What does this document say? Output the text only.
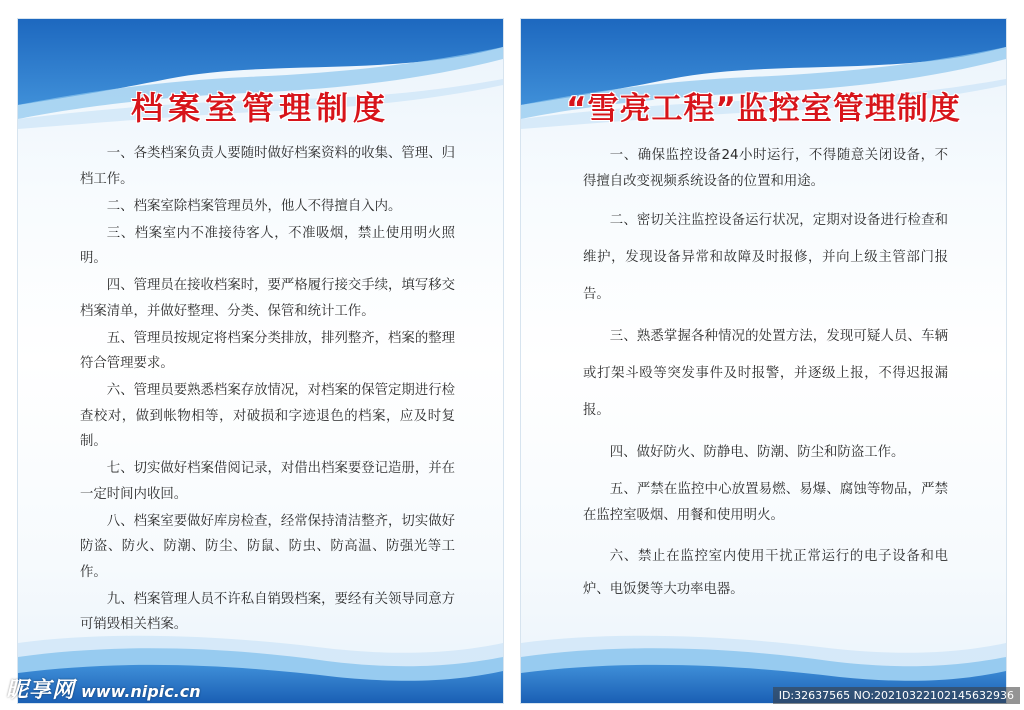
档案室管理制度
一、各类档案负责人要随时做好档案资料的收集、管理、归档工作。
二、档案室除档案管理员外，他人不得擅自入内。
三、档案室内不准接待客人，不准吸烟，禁止使用明火照明。
四、管理员在接收档案时，要严格履行接交手续，填写移交档案清单，并做好整理、分类、保管和统计工作。
五、管理员按规定将档案分类排放，排列整齐，档案的整理符合管理要求。
六、管理员要熟悉档案存放情况，对档案的保管定期进行检查校对，做到帐物相等，对破损和字迹退色的档案，应及时复制。
七、切实做好档案借阅记录，对借出档案要登记造册，并在一定时间内收回。
八、档案室要做好库房检查，经常保持清洁整齐，切实做好防盗、防火、防潮、防尘、防鼠、防虫、防高温、防强光等工作。
九、档案管理人员不许私自销毁档案，要经有关领导同意方可销毁相关档案。
“雪亮工程”监控室管理制度
一、确保监控设备24小时运行，不得随意关闭设备，不得擅自改变视频系统设备的位置和用途。
二、密切关注监控设备运行状况，定期对设备进行检查和维护，发现设备异常和故障及时报修，并向上级主管部门报告。
三、熟悉掌握各种情况的处置方法，发现可疑人员、车辆或打架斗殴等突发事件及时报警，并逐级上报，不得迟报漏报。
四、做好防火、防静电、防潮、防尘和防盗工作。
五、严禁在监控中心放置易燃、易爆、腐蚀等物品，严禁在监控室吸烟、用餐和使用明火。
六、禁止在监控室内使用干扰正常运行的电子设备和电炉、电饭煲等大功率电器。
昵享网 www.nipic.cn	ID:32637565 NO:20210322102145632936
